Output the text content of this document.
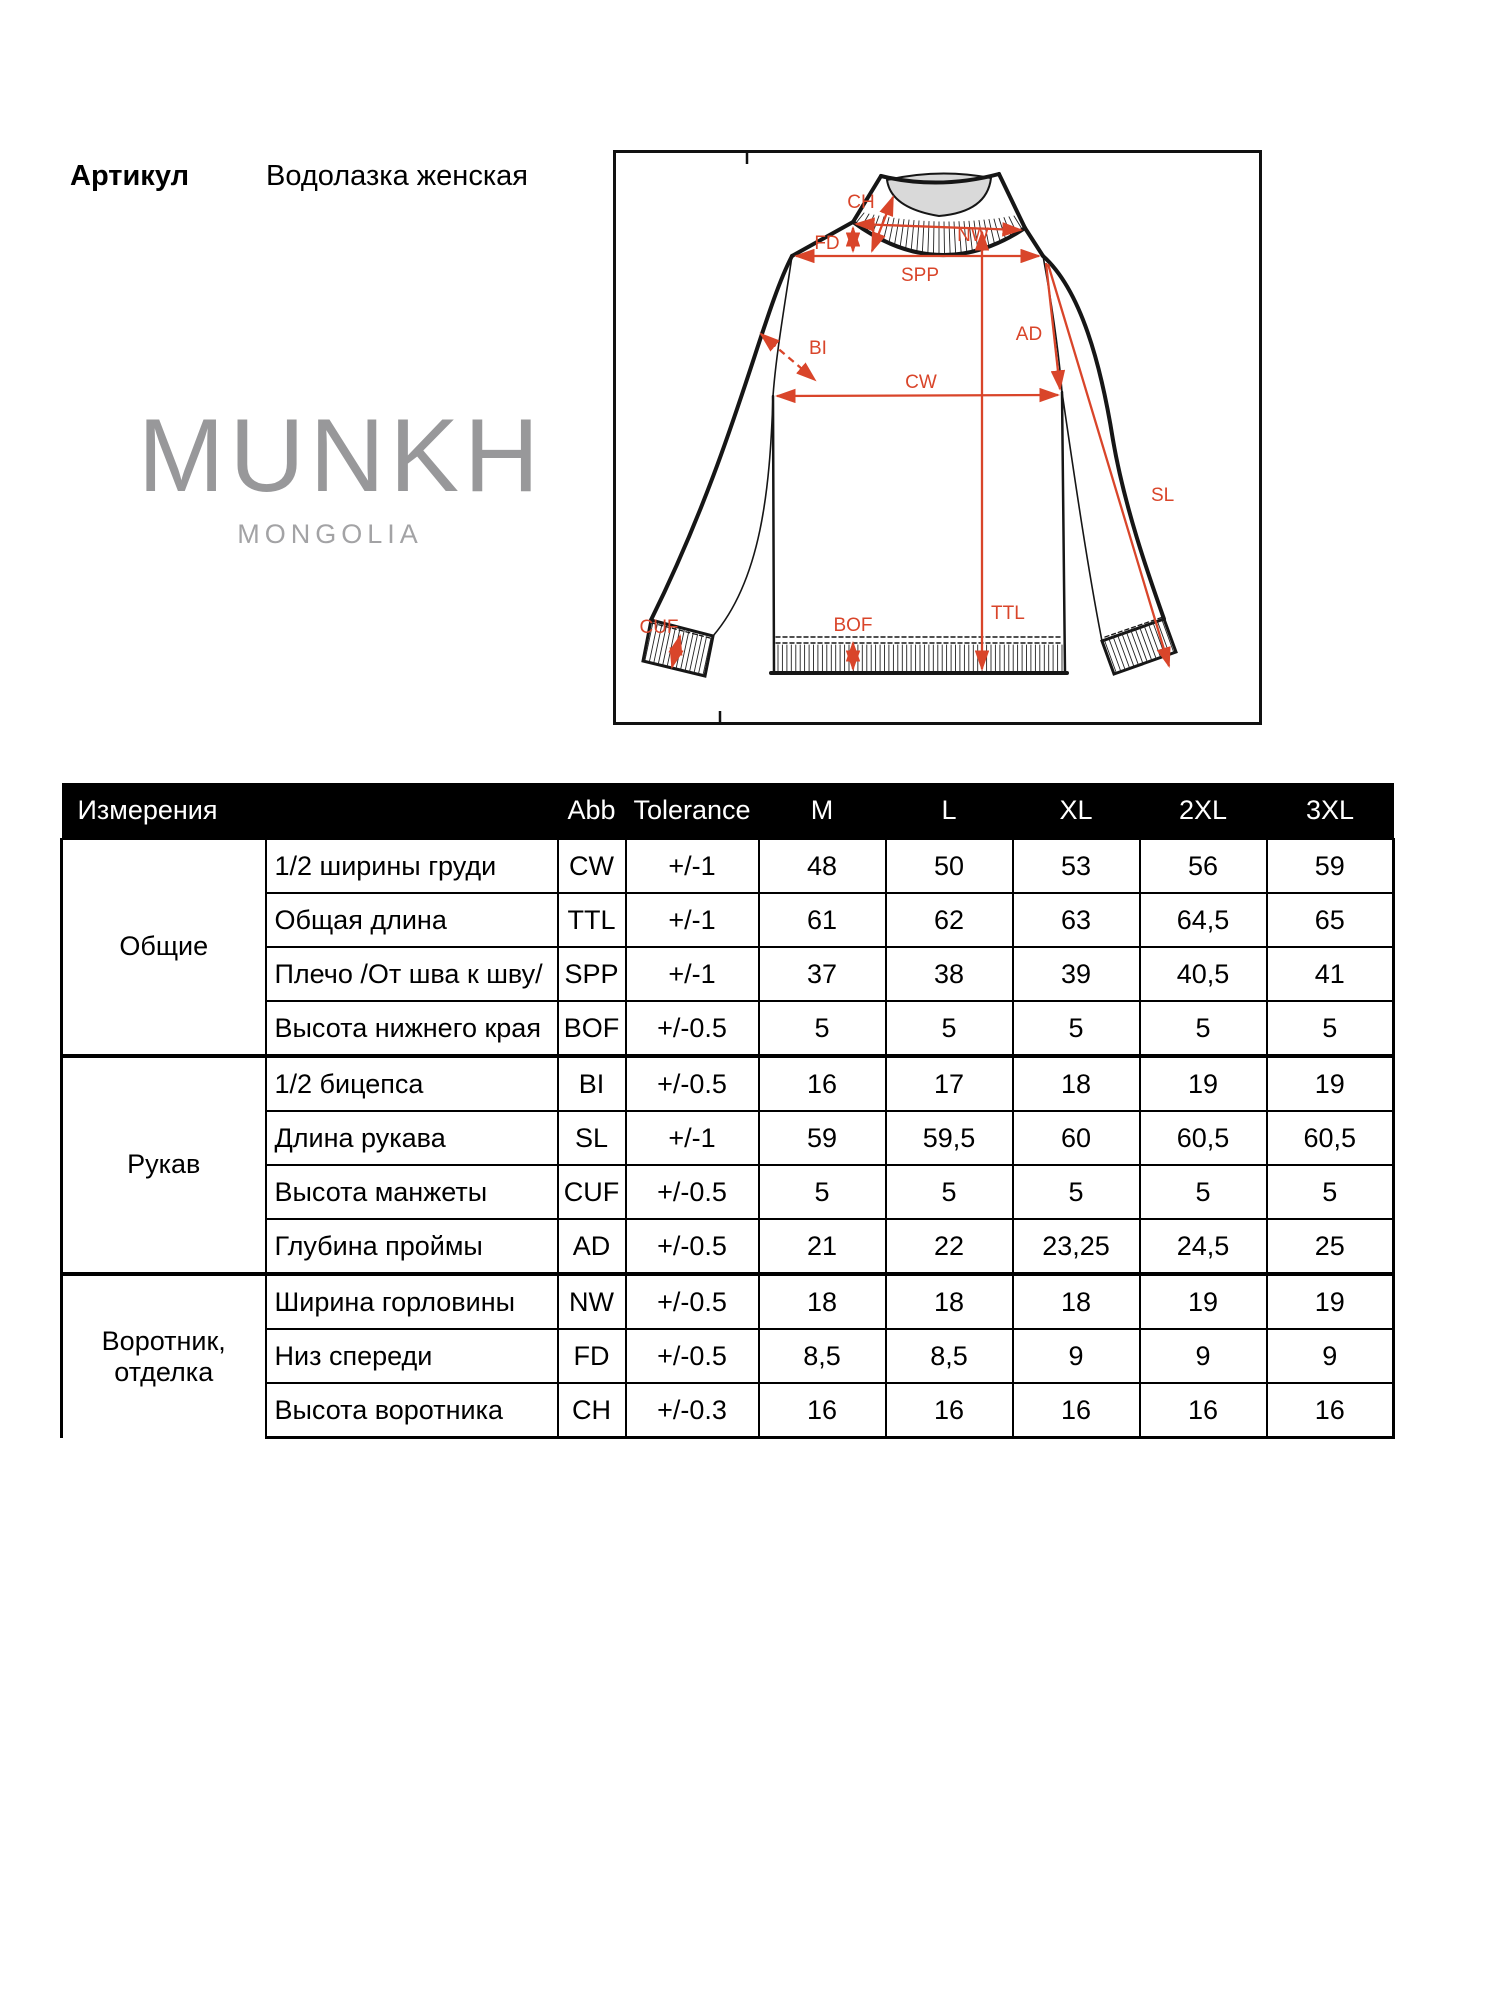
Артикул	Водолазка женская
MUNKH
MONGOLIA
CH
NW
FD
SPP
TTL
CW
AD
SL
BI
BOF
CUF
Измерения		Abb	Tolerance	M	L	XL	2XL	3XL
Общие	1/2 ширины груди	CW	+/-1	48	50	53	56	59
	Общая длина	TTL	+/-1	61	62	63	64,5	65
	Плечо /От шва к шву/	SPP	+/-1	37	38	39	40,5	41
	Высота нижнего края	BOF	+/-0.5	5	5	5	5	5
Рукав	1/2 бицепса	BI	+/-0.5	16	17	18	19	19
	Длина рукава	SL	+/-1	59	59,5	60	60,5	60,5
	Высота манжеты	CUF	+/-0.5	5	5	5	5	5
	Глубина проймы	AD	+/-0.5	21	22	23,25	24,5	25
Воротник, отделка	Ширина горловины	NW	+/-0.5	18	18	18	19	19
	Низ спереди	FD	+/-0.5	8,5	8,5	9	9	9
	Высота воротника	CH	+/-0.3	16	16	16	16	16
